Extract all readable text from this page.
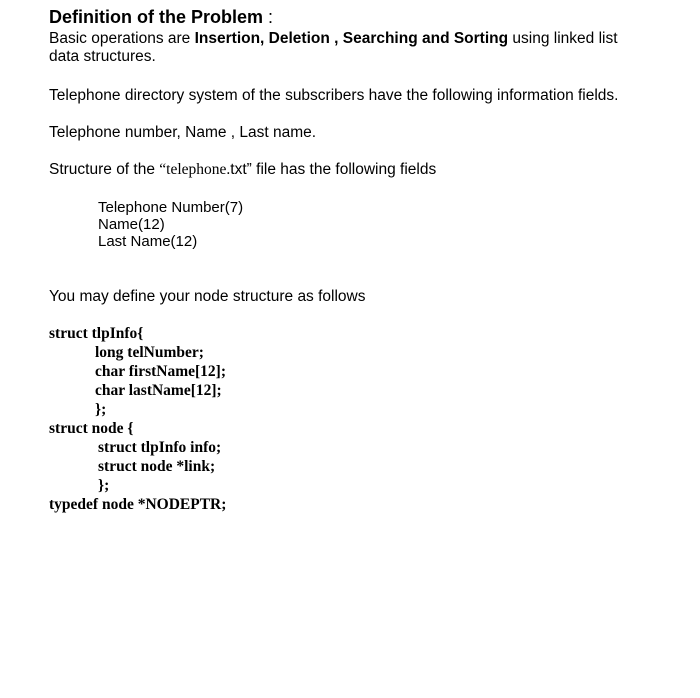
Definition of the Problem :
Basic operations are Insertion, Deletion , Searching and Sorting using linked list
data structures.
Telephone directory system of the subscribers have the following information fields.
Telephone number, Name , Last name.
Structure of the “telephone.txt” file has the following fields
Telephone Number(7)
Name(12)
Last Name(12)
You may define your node structure as follows
struct tlpInfo{
long telNumber;
char firstName[12];
char lastName[12];
};
struct node {
struct tlpInfo info;
struct node *link;
};
typedef node *NODEPTR;
